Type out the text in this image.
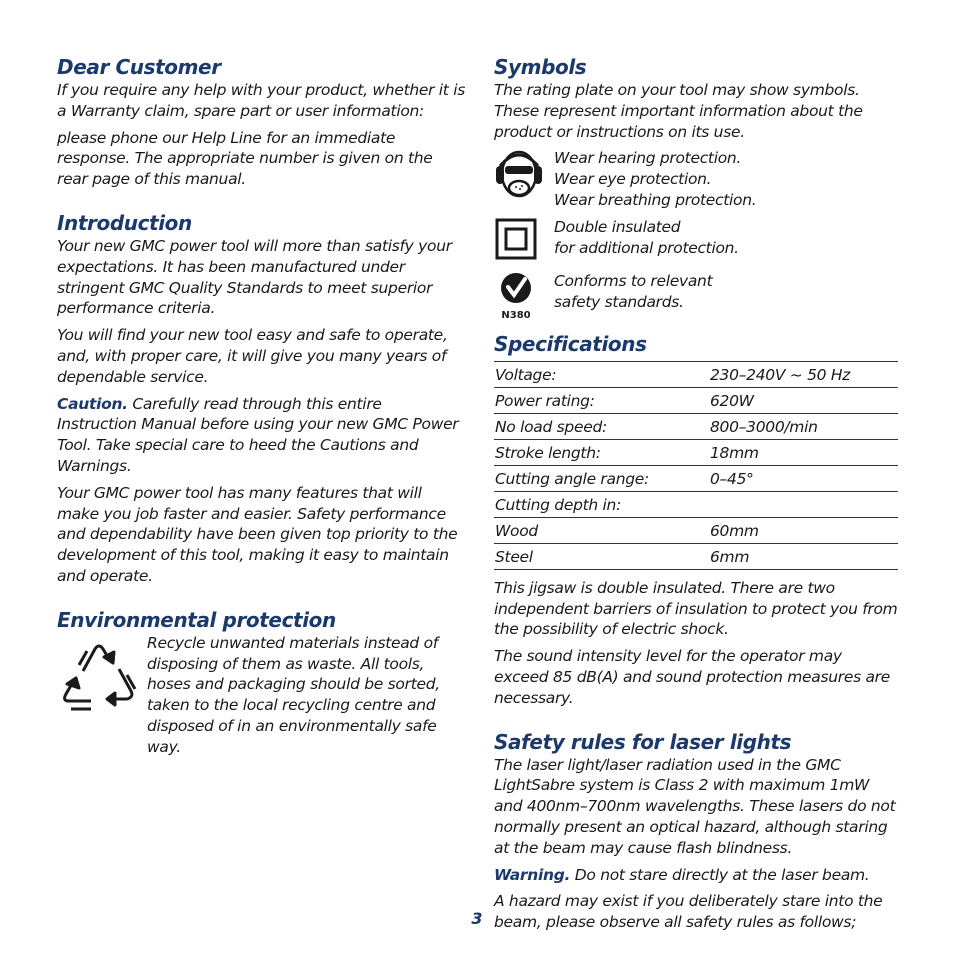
Dear Customer

If you require any help with your product, whether it is a Warranty claim, spare part or user information:

please phone our Help Line for an immediate response. The appropriate number is given on the rear page of this manual.

Introduction

Your new GMC power tool will more than satisfy your expectations. It has been manufactured under stringent GMC Quality Standards to meet superior performance criteria.

You will find your new tool easy and safe to operate, and, with proper care, it will give you many years of dependable service.

Caution. Carefully read through this entire Instruction Manual before using your new GMC Power Tool. Take special care to heed the Cautions and Warnings.

Your GMC power tool has many features that will make you job faster and easier. Safety performance and dependability have been given top priority to the development of this tool, making it easy to maintain and operate.

Environmental protection

Recycle unwanted materials instead of disposing of them as waste. All tools, hoses and packaging should be sorted, taken to the local recycling centre and disposed of in an environmentally safe way.

Symbols

The rating plate on your tool may show symbols. These represent important information about the product or instructions on its use.

Wear hearing protection.

Wear eye protection.

Wear breathing protection.

Double insulated

for additional protection.

N380

Conforms to relevant

safety standards.

Specifications
Voltage:	230–240V ~ 50 Hz
Power rating:	620W
No load speed:	800–3000/min
Stroke length:	18mm
Cutting angle range:	0–45°
Cutting depth in:	
Wood	60mm
Steel	6mm

This jigsaw is double insulated. There are two independent barriers of insulation to protect you from the possibility of electric shock.

The sound intensity level for the operator may exceed 85 dB(A) and sound protection measures are necessary.

Safety rules for laser lights

The laser light/laser radiation used in the GMC LightSabre system is Class 2 with maximum 1mW and 400nm–700nm wavelengths. These lasers do not normally present an optical hazard, although staring at the beam may cause flash blindness.

Warning. Do not stare directly at the laser beam.

A hazard may exist if you deliberately stare into the beam, please observe all safety rules as follows;

3
